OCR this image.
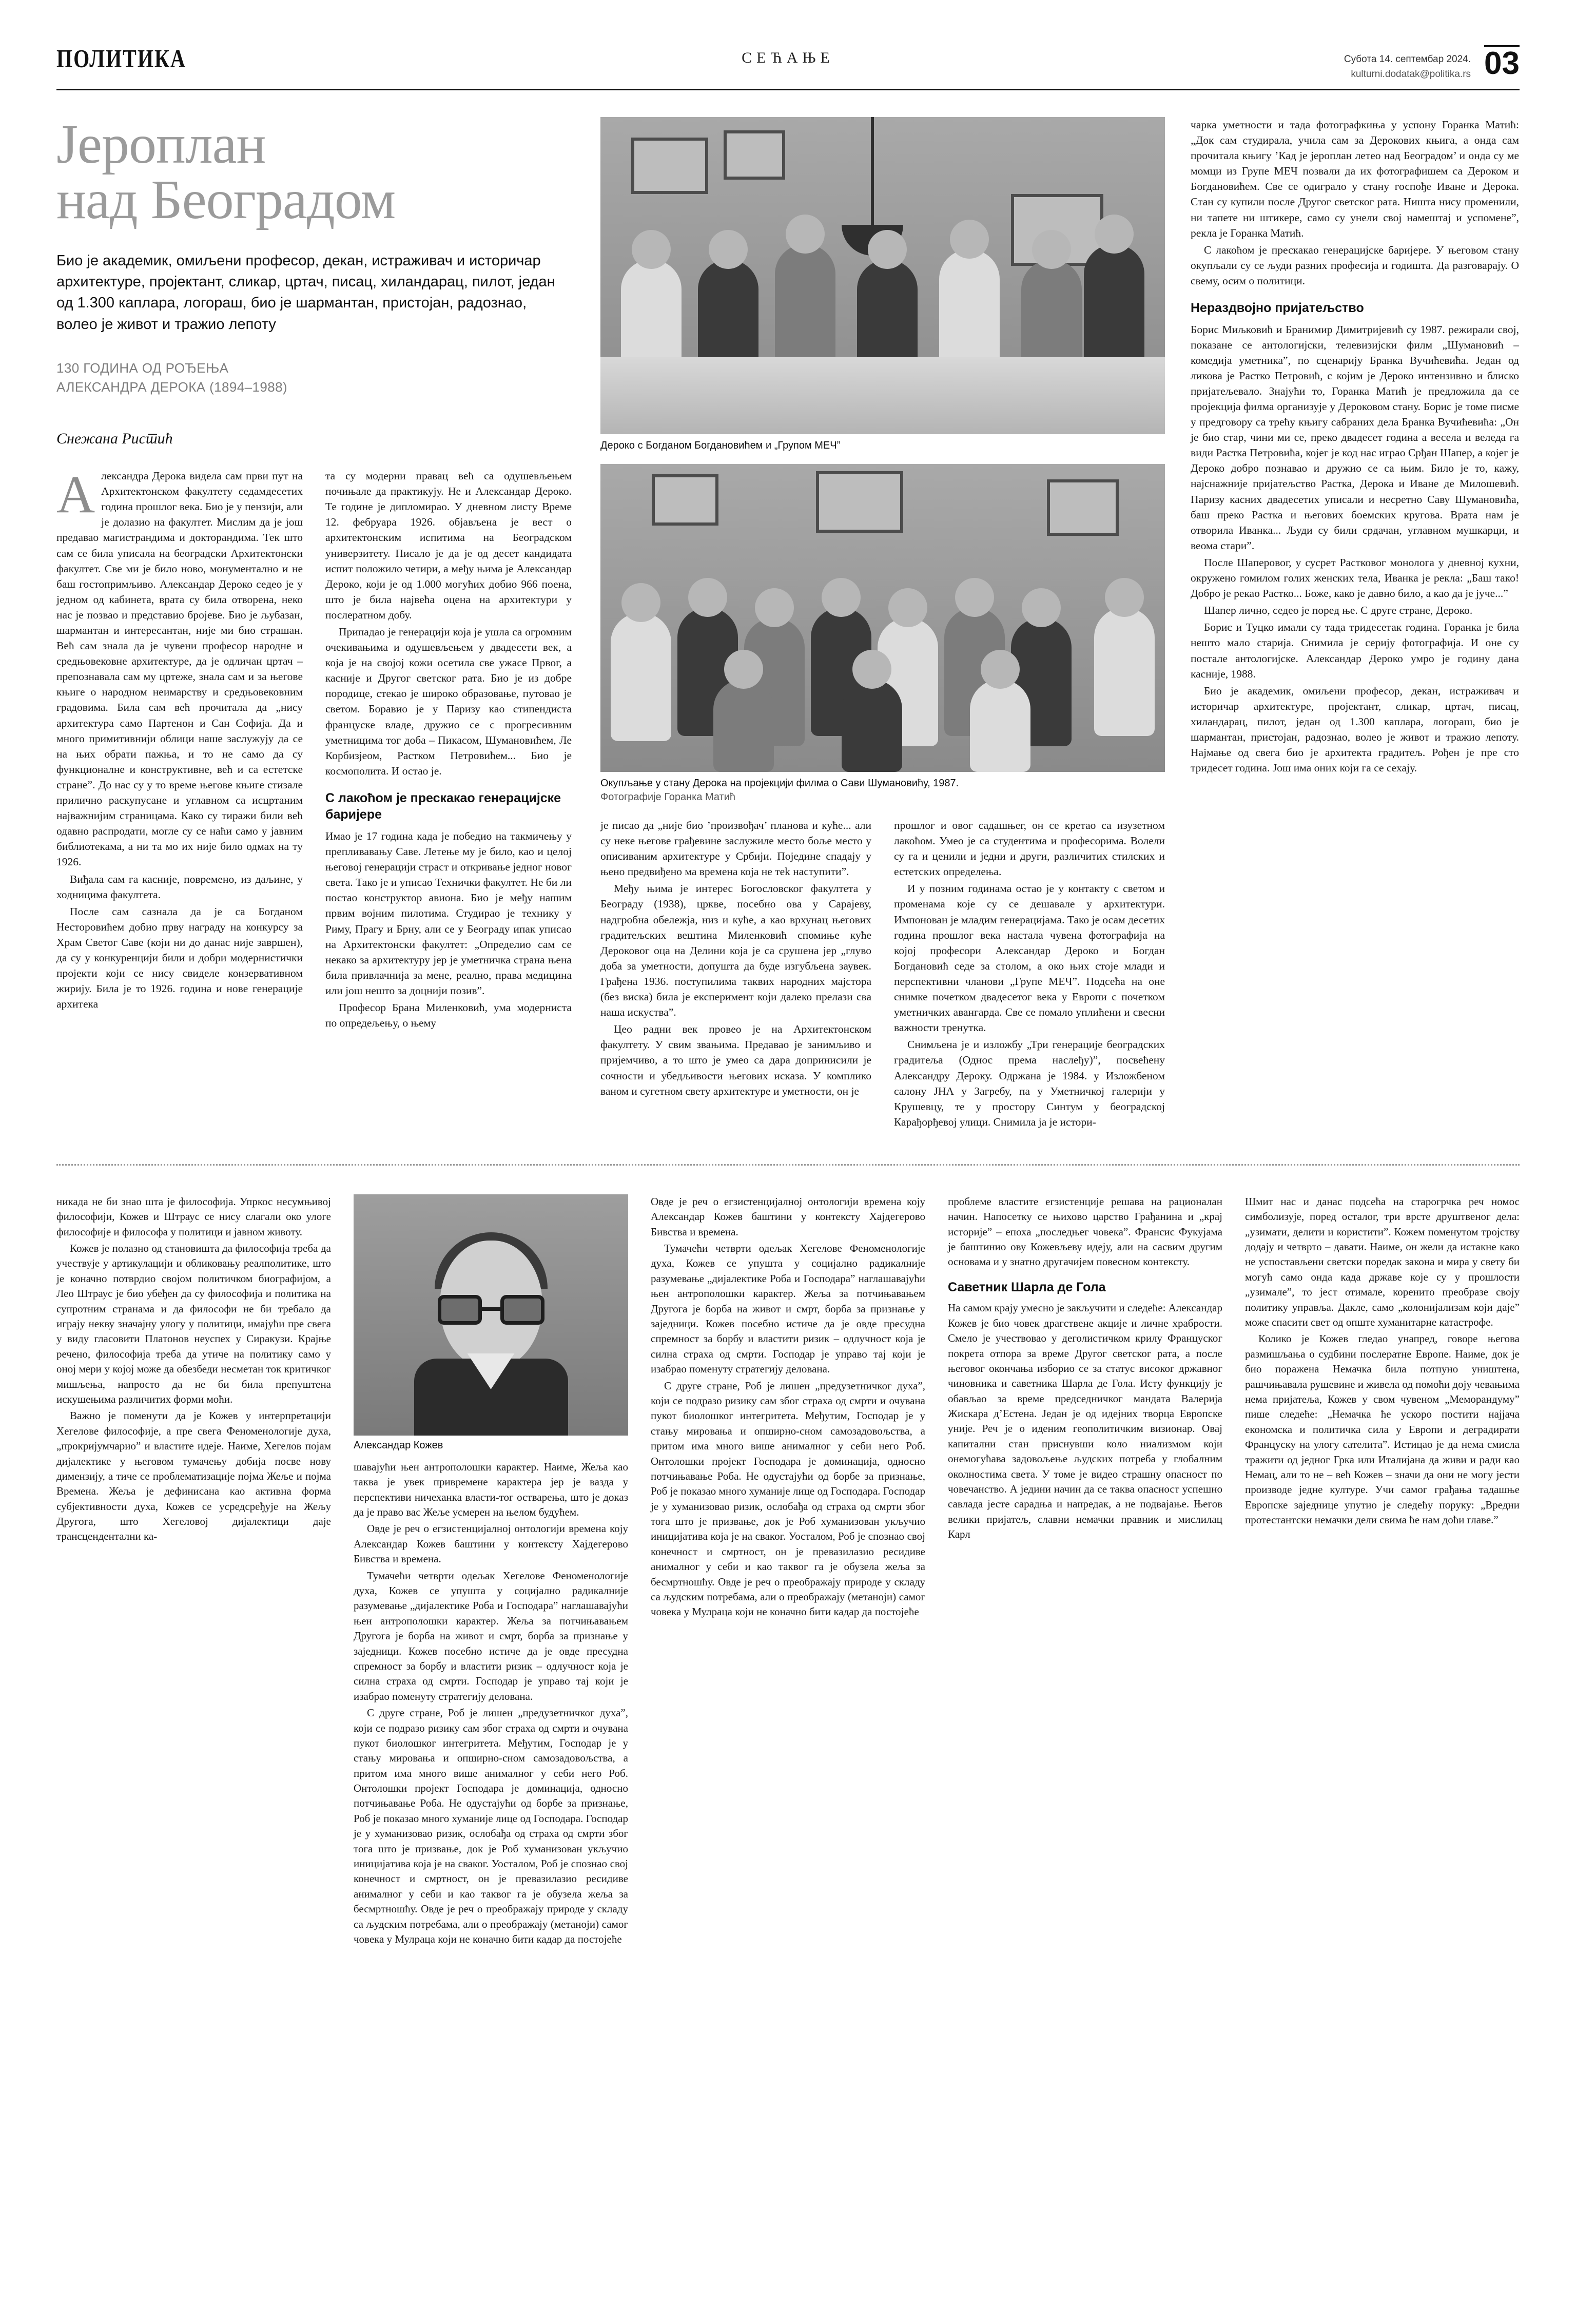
ПОЛИТИКА	СЕЋАЊЕ	Субота 14. септембар 2024.
kulturni.dodatak@politika.rs 03
Јероплан
над Београдом
Био је академик, омиљени професор, декан, истраживач и историчар архитектуре, пројектант, сликар, цртач, писац, хиландарац, пилот, један од 1.300 каплара, логораш, био је шармантан, пристојан, радознао, волео је живот и тражио лепоту
130 ГОДИНА ОД РОЂЕЊА
АЛЕКСАНДРА ДЕРОКА (1894–1988)
Снежана Ристић

Александра Дерока видела сам први пут на Архитектонском факултету седамдесетих година прошлог века. Био је у пензији, али је долазио на факултет. Мислим да је још предавао магистрандима и докторандима. Тек што сам се била уписала на београдски Архитектонски факултет. Све ми је било ново, монументално и не баш гостопримљиво. Александар Дероко седео је у једном од кабинета, врата су била отворена, неко нас је позвао и представио бројеве. Био је љубазан, шармантан и интересантан, ниje ми био страшан. Већ сам знала да је чувени професор народне и средњовековне архитектуре, да је одличан цртач – препознавала сам му цртеже, знала сам и за његове књиге о народном неимарству и средњовековним градовима. Била сам већ прочитала да „нису архитектура само Партенон и Сан Софија. Да и много примитивнији облици наше заслужују да се на њих обрати пажња, и то не само да су функционалне и конструктивне, већ и са естетске стране”. До нас су у то време његове књиге стизале прилично раскупусане и углавном са исцртаним најважнијим страницама. Како су тиражи били већ одавно распродати, могле су се наћи само у јавним библиотекама, а ни та мо их није било одмах на ту 1926.

Виђала сам га касније, повремено, из даљине, у ходницима факултета.

После сам сазнала да је са Богданом Несторовићем добио прву награду на конкурсу за Храм Светог Саве (који ни до данас није завршен), да су у конкуренцији били и добри модернистички пројекти који се нису свиделе конзервативном жирију. Била је то 1926. година и нове генерације архитека

та су модерни правац већ са одушевљењем почињале да практикују. Не и Александар Дероко. Те године је дипломирао. У дневном листу Време 12. фебруара 1926. објављена је вест о архитектонским испитима на Београдском универзитету. Писало је да је од десет кандидата испит положило четири, а међу њима је Александар Дероко, који је од 1.000 могућих добио 966 поена, што је била највећа оцена на архитектури у послератном добу.

Припадао је генерацији која је ушла са огромним очекивањима и одушевљењем у двадесети век, а која је на својој кожи осетила све ужасе Првог, а касније и Другог светског рата. Био је из добре породице, стекао је широко образовање, путовао је светом. Боравио је у Паризу као стипендиста француске владе, дружио се с прогресивним уметницима тог доба – Пикасом, Шумановићем, Ле Корбизјеом, Растком Петровићем... Био је космополита. И остао је.

С лакоћом је прескакао генерацијске баријере

Имао је 17 година када је победио на такмичењу у препливавању Саве. Летење му је било, као и целој његовој генерацији страст и откривање једног новог света. Тако је и уписао Технички факултет. Не би ли постао конструктор авиона. Био је међу нашим првим војним пилотима. Студирао је технику у Риму, Прагу и Брну, али се у Београду ипак уписао на Архитектонски факултет: „Определио сам се некако за архитектуру јер је уметничка страна њена била привлачнија за мене, реално, права медицина или још нешто за доцнији позив”.

Професор Брана Миленковић, ума модерниста по опредељењу, о њему

Дероко с Богданом Богдановићем и „Групом МЕЧ”
Окупљање у стану Дерока на пројекцији филма о Сави Шумановићу, 1987.
Фотографије Горанка Матић

је писао да „није био ’произвођач’ планова и куће... али су неке његове грађевине заслужиле место боље место у описиваним архитектуре у Србији. Поједине спадају у њено предвиђено ма времена која не теk наступити”.

Међу њима је интерес Богословског факултета у Београду (1938), цркве, посебно ова у Сарајеву, надгробна обележја, низ и куће, а као врхунац његових градитељских вештина Миленковић спомиње куће Дероковог оца на Делини која је са срушена јер „глуво доба за уметности, допушта да буде изгубљена заувек. Грађена 1936. поступилима таквих народних мајстора (без виска) била је експеримент који далеко прелази сва наша искуства”.

Цео радни век провео је на Архитектонском факултету. У свим звањима. Предавао је занимљиво и пријемчиво, а то што је умео са дара допринисили је сочности и убедљивости његових исказа. У комплико ваном и сугетном свету архитектуре и уметности, он је

прошлог и овог садашњег, он се кретао са изузетном лакоћом. Умео је са студентима и професорима. Волели су га и ценили и једни и други, различитих стилских и естетских определења.

И у позним годинама остао је у контакту с светом и променама које су се дешавале у архитектури. Импонован је младим генерацијама. Тако је осам десетих година прошлог века настала чувена фотографија на којој професори Александар Дероко и Богдан Богдановић седе за столом, а око њих стоје млади и перспективни чланови „Групе МЕЧ”. Подсећа на оне снимке почетком двадесетог века у Европи с почетком уметничких авангарда. Све се помало уплићени и свесни важности тренутка.

Снимљена је и изложбу „Три генерације београдских градитеља (Однос према наслеђу)”, посвећену Александру Дероку. Одржана је 1984. у Изложбеном салону ЈНА у Загребу, па у Уметничкој галерији у Крушевцу, те у простору Синтум у београдској Карађорђевој улици. Снимила ја је истори-

чарка уметности и тада фотографкиња у успону Горанка Матић: „Док сам студирала, учила сам за Дерокових књига, а онда сам прочитала књигу ’Кад је јероплан летео над Београдом’ и онда су ме момци из Групе МЕЧ позвали да их фотографишем са Дероком и Богдановићем. Све се одиграло у стану госпође Иване и Дерока. Стан су купили после Другог светског рата. Ништа нису променили, ни тапете ни штикере, само су унели свој намештај и успомене”, рекла је Горанка Матић.

С лакоћом је прескакао генерацијске баријере. У његовом стану окупљали су се људи разних професија и годишта. Да разговарају. О свему, осим о политици.

Нераздвојно пријатељство

Борис Миљковић и Бранимир Димитријевић су 1987. режирали свој, показане се антологијски, телевизијски филм „Шумановић – комедија уметника”, по сценарију Бранка Вучићевића. Један од ликова је Растко Петровић, с којим је Дероко интензивно и блиско пријатељевало. Знајући то, Горанка Матић је предложила да се пројекција филма организује у Дероковом стану. Борис је томе писме у предговору са трећу књигу сабраних дела Бранка Вучићевића: „Он је био стар, чини ми се, преко двадесет година а весела и веледа га види Растка Петровића, којег је код нас играо Срђан Шапер, а којег је Дероко добро познавао и дружио се са њим. Било је то, кажу, најснажније пријатељство Растка, Дерока и Иване де Милошевић. Паризу касних двадесетих уписали и несретно Саву Шумановића, баш преко Растка и његових боемских кругова. Врата нам је отворила Иванка... Људи су били срдачан, углавном мушкарци, и веома стари”.

После Шаперовог, у сусрет Растковог монолога у дневној кухни, окружено гомилом голих женских тела, Иванка је рекла: „Баш тако! Добро је рекао Растко... Боже, како је давно било, а као да је јуче...”

Шапер лично, седео је поред ње. С друге стране, Дероко.

Борис и Туцко имали су тада тридесетак година. Горанка је била нешто мало старија. Снимила је серију фотографија. И оне су постале антологијске. Александар Дероко умро је годину дана касније, 1988.

Био је академик, омиљени професор, декан, истраживач и историчар архитектуре, пројектант, сликар, цртач, писац, хиландарац, пилот, један од 1.300 каплара, логораш, био је шармантан, пристојан, радознао, волео је живот и тражио лепоту. Најмање од свега био је архитекта градитељ. Рођен је пре сто тридесет година. Још има оних који га се сехају.

никада не би знао шта је философија. Упркос несумњивој философији, Кожев и Штраус се нису слагали око улоге философије и философа у политици и јавном животу.

Кожев је полазно од становишта да философија треба да учествује у артикулацији и обликовању реалполитике, што је коначно потврдио својом политичком биографијом, а Лео Штраус је био убеђен да су философија и политика на супротним странама и да философи не би требало да играју некву значајну улогу у политици, имајући пре свега у виду гласовити Платонов неуспех у Сиракузи. Крајње речено, философија треба да утиче на политику само у оној мери у којој може да обезбеди несметан ток критичког мишљења, напросто да не би била препуштена искушењима различитих форми моћи.

Важно је поменути да је Кожев у интерпретацији Хегелове философије, а пре свега Феноменологије духа, „прокријумчарио” и властите идеје. Наиме, Хегелов појам дијалектике у његовом тумачењу добија посве нову димензију, а тиче се проблематизације појма Жеље и појма Времена. Жеља је дефинисана као активна форма субјективности духа, Кожев се усредсређује на Жељу Другога, што Хегеловој дијалектици даје трансцендентални ка-

Александар Кожев

шавајући њен антрополошки карактер. Наиме, Жеља као таква је увек привремене карактера јер је вазда у перспективи ничеханка власти-тог остварења, што је доказ да је право вас Жеље усмерен на њелом будућем.

Овде је реч о егзистенцијалној онтологији времена коју Александар Кожев баштини у контексту Хајдегерово Бивствa и времена.

Тумачећи четврти одељак Хегелове Феноменологије духа, Кожев се упушта у социјално радикалније разумевање „дијалектике Роба и Господара” наглашавајући њен антрополошки карактер. Жеља за потчињавањем Другога је борба на живот и смрт, борба за признање у заједници. Кожев посебно истиче да је овде пресудна спремност за борбу и властити ризик – одлучност која је силна страха од смрти. Господар је управо тај који је изабрао поменуту стратегију делована.

С друге стране, Роб је лишен „предузетничког духа”, који се подразо ризику сам због страха од смрти и очувана пукот биолошког интегритета. Међутим, Господар је у стању мировања и опширно-сном самозадовољства, а притом има много више анималног у себи него Роб. Онтолошки пројект Господара је доминација, односно потчињавање Роба. Не одустајући од борбе за признање, Роб је показао много хуманије лице од Господара. Господар је у хуманизовао ризик, ослобађа од страха од смрти због тога што је призвање, док је Роб хуманизован укључио инициjaтивa која је на сваког. Уосталом, Роб је спознао свој конечност и смртност, он је превазилазио ресидиве анималног у себи и као таквог га је обузела жеља за бесмртношћу. Овде је реч о преображају природе у складу са људским потребама, али о преображају (метаноји) самог човека у Мулраца који не коначно бити кадар да постојеће

Овде је реч о егзистенцијалној онтологији времена коју Александар Кожев баштини у контексту Хајдегерово Бивствa и времена.

Тумачећи четврти одељак Хегелове Феноменологије духа, Кожев се упушта у социјално радикалније разумевање „дијалектике Роба и Господара” наглашавајући њен антрополошки карактер. Жеља за потчињавањем Другога је борба на живот и смрт, борба за признање у заједници. Кожев посебно истиче да је овде пресудна спремност за борбу и властити ризик – одлучност која је силна страха од смрти. Господар је управо тај који је изабрао поменуту стратегију делована.

С друге стране, Роб је лишен „предузетничког духа”, који се подразо ризику сам због страха од смрти и очувана пукот биолошког интегритета. Међутим, Господар је у стању мировања и опширно-сном самозадовољства, а притом има много више анималног у себи него Роб. Онтолошки пројект Господара је доминација, односно потчињавање Роба. Не одустајући од борбе за признање, Роб је показао много хуманије лице од Господара. Господар је у хуманизовао ризик, ослобађа од страха од смрти због тога што је призвање, док је Роб хуманизован укључио инициjaтивa која је на сваког. Уосталом, Роб је спознао свој конечност и смртност, он је превазилазио ресидиве анималног у себи и као таквог га је обузела жеља за бесмртношћу. Овде је реч о преображају природе у складу са људским потребама, али о преображају (метаноји) самог човека у Мулраца који не коначно бити кадар да постојеће

проблеме властите егзистенције решава на рационалан начин. Напосетку се њихово царство Грађанина и „крај историје” – епоха „последњег човека”. Франсис Фукујама је баштинио ову Кожевљеву идеју, али на сасвим другим основама и у знатно другачијем повесном контексту.

Саветник Шарла де Гола

На самом крају умесно је закључити и следеће: Александар Кожев је био човек драгствене акције и личне храбрости. Смело је учествовао у деголистичком крилу Француског покрета отпора за време Другог светског рата, а после његовог окончања изборио се за статус високог државног чиновника и саветника Шарла де Гола. Исту функцију је обављао за време председничког мандата Валерија Жискара д’Естена. Један је од идејних творца Европске уније. Реч је о иденим геополитичким визионар. Овај капитални стан приснувши коло ниализмом који онемогућава задовољење људских потреба у глобалним околностима света. У томе је видео страшну опасност по човечанство. А једини начин да се таква опасност успешно савлада јесте сарадња и напредак, а не подвајање. Његов велики пријатељ, славни немачки правник и мислилац Карл

Шмит нас и данас подсећа на старогрчка реч номос симболизује, поред осталог, три врсте друштвеног дела: „узимати, делити и користити”. Кожем поменутом тројству додају и четврто – давати. Наиме, он жели да истакне како не успостављени светски поредак закона и мира у свету би могућ само онда када државе које су у прошлости „узимале”, то јест отимале, коренито преобразе своју политику управља. Дакле, само „колонијализам који даје” може спасити свет од опште хуманитарне катастрофе.

Колико је Кожев гледао унапред, говоре његова размишљања о судбини послератне Европе. Наиме, док је био поражена Немачка била потпуно уништена, рашчињавала рушевине и живела од помоћи доју чевањима нема пријатеља, Кожев у свом чувеном „Меморандуму” пише следеће: „Немачка ће ускоро постити најјача економска и политичка сила у Европи и деградирати Француску на улогу сателита”. Истицао је да нема смисла тражити од једног Грка или Италијана да живи и ради као Немац, али то не – већ Кожев – значи да они не могу јести производе једне културе. Учи самог грађања тадашње Европске заједнице упутио је следећу поруку: „Вредни протестантски немачки дели свима ће нам доћи главе.”
